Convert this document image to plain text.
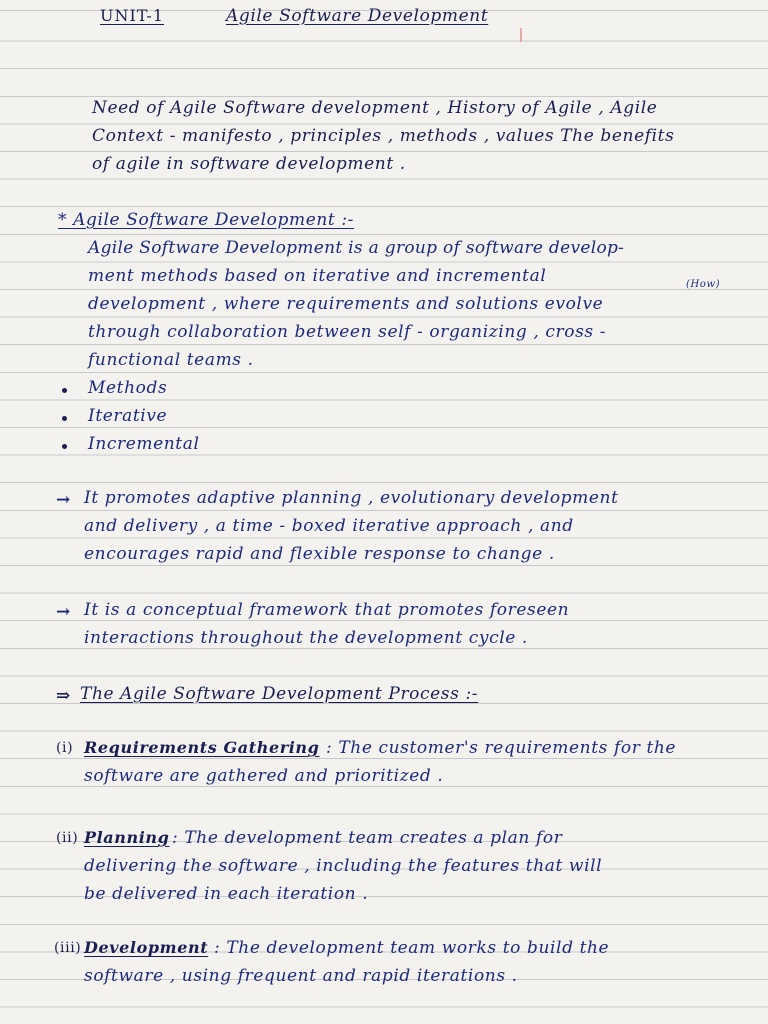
UNIT-1	Agile Software Development
Need of Agile Software development , History of Agile , Agile
Context - manifesto , principles , methods , values The benefits
of agile in software development .
* Agile Software Development :-
Agile Software Development is a group of software develop-
ment methods based on iterative and incremental	(How)
development , where requirements and solutions evolve
through collaboration between self - organizing , cross -
functional teams .
Methods
Iterative
Incremental
→ It promotes adaptive planning , evolutionary development
and delivery , a time - boxed iterative approach , and
encourages rapid and flexible response to change .
→ It is a conceptual framework that promotes foreseen
interactions throughout the development cycle .
⇒ The Agile Software Development Process :-
(i) Requirements Gathering : The customer's requirements for the
software are gathered and prioritized .
(ii) Planning : The development team creates a plan for
delivering the software , including the features that will
be delivered in each iteration .
(iii) Development : The development team works to build the
software , using frequent and rapid iterations .
